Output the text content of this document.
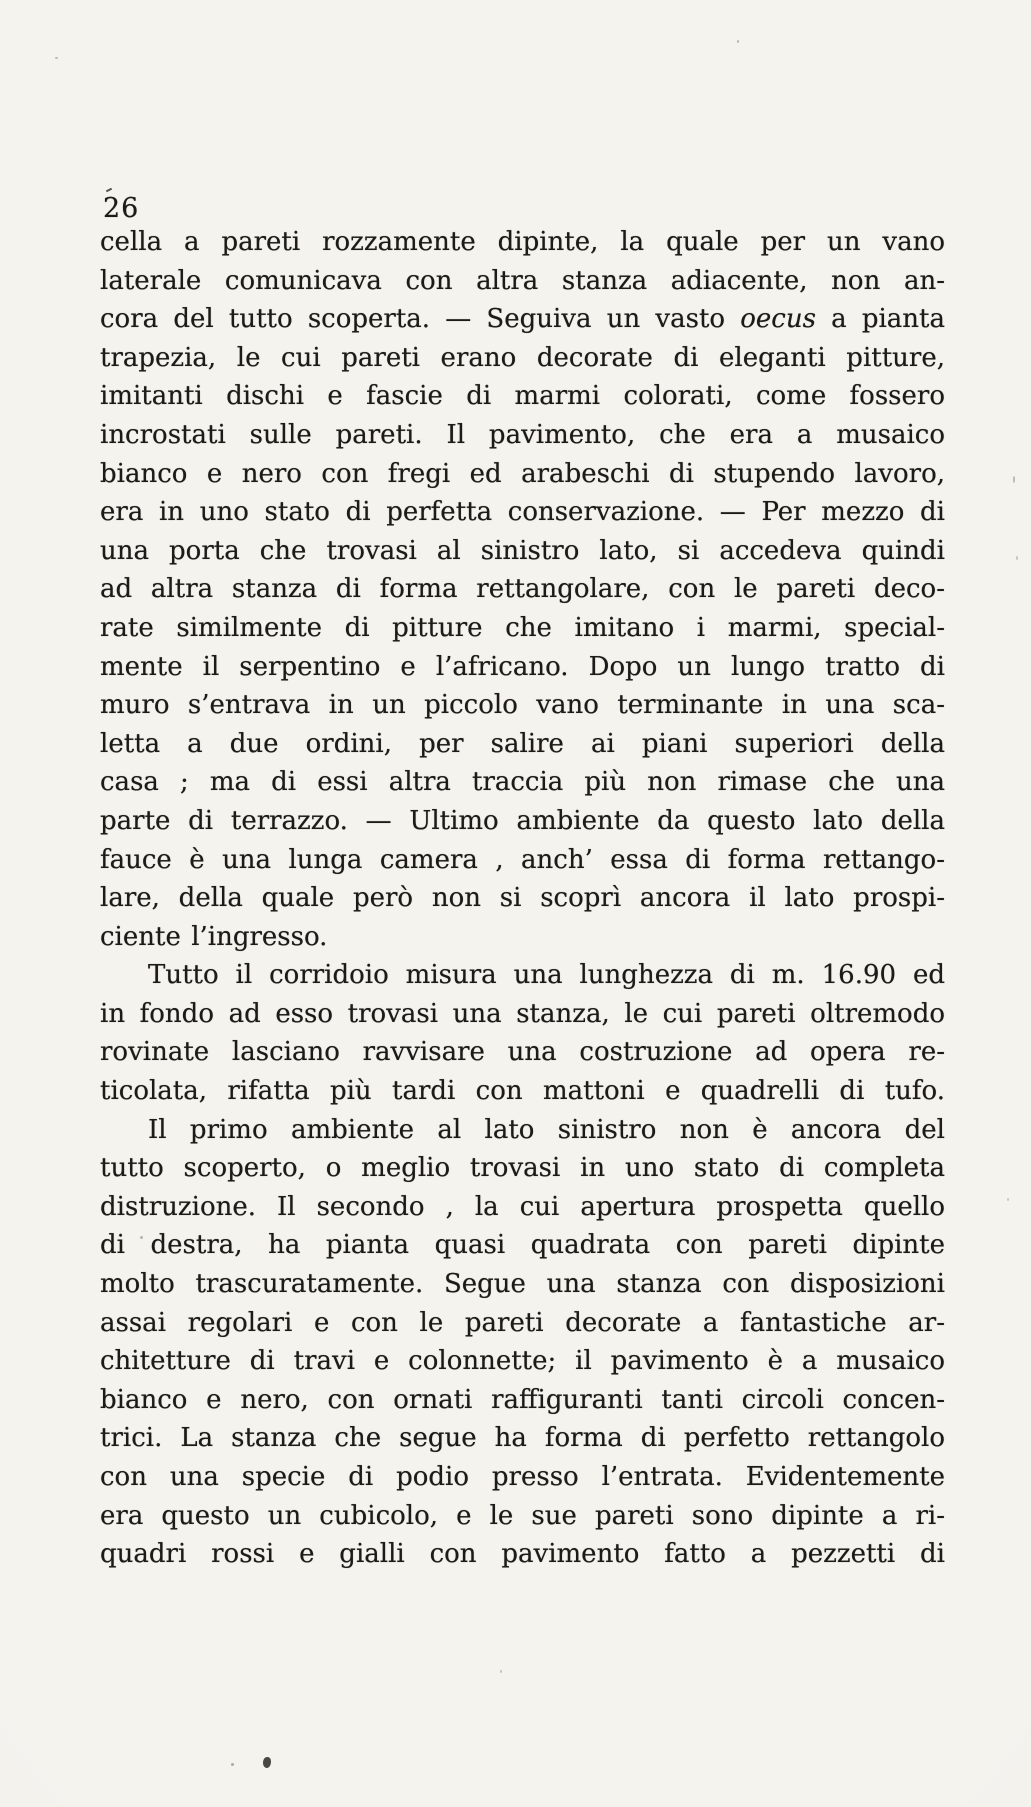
26
cella a pareti rozzamente dipinte, la quale per un vano
laterale comunicava con altra stanza adiacente, non an-
cora del tutto scoperta. — Seguiva un vasto oecus a pianta
trapezia, le cui pareti erano decorate di eleganti pitture,
imitanti dischi e fascie di marmi colorati, come fossero
incrostati sulle pareti. Il pavimento, che era a musaico
bianco e nero con fregi ed arabeschi di stupendo lavoro,
era in uno stato di perfetta conservazione. — Per mezzo di
una porta che trovasi al sinistro lato, si accedeva quindi
ad altra stanza di forma rettangolare, con le pareti deco-
rate similmente di pitture che imitano i marmi, special-
mente il serpentino e l’africano. Dopo un lungo tratto di
muro s’entrava in un piccolo vano terminante in una sca-
letta a due ordini, per salire ai piani superiori della
casa ; ma di essi altra traccia più non rimase che una
parte di terrazzo. — Ultimo ambiente da questo lato della
fauce è una lunga camera , anch’ essa di forma rettango-
lare, della quale però non si scoprì ancora il lato prospi-
ciente l’ingresso.
Tutto il corridoio misura una lunghezza di m. 16.90 ed
in fondo ad esso trovasi una stanza, le cui pareti oltremodo
rovinate lasciano ravvisare una costruzione ad opera re-
ticolata, rifatta più tardi con mattoni e quadrelli di tufo.
Il primo ambiente al lato sinistro non è ancora del
tutto scoperto, o meglio trovasi in uno stato di completa
distruzione. Il secondo , la cui apertura prospetta quello
di destra, ha pianta quasi quadrata con pareti dipinte
molto trascuratamente. Segue una stanza con disposizioni
assai regolari e con le pareti decorate a fantastiche ar-
chitetture di travi e colonnette; il pavimento è a musaico
bianco e nero, con ornati raffiguranti tanti circoli concen-
trici. La stanza che segue ha forma di perfetto rettangolo
con una specie di podio presso l’entrata. Evidentemente
era questo un cubicolo, e le sue pareti sono dipinte a ri-
quadri rossi e gialli con pavimento fatto a pezzetti di
